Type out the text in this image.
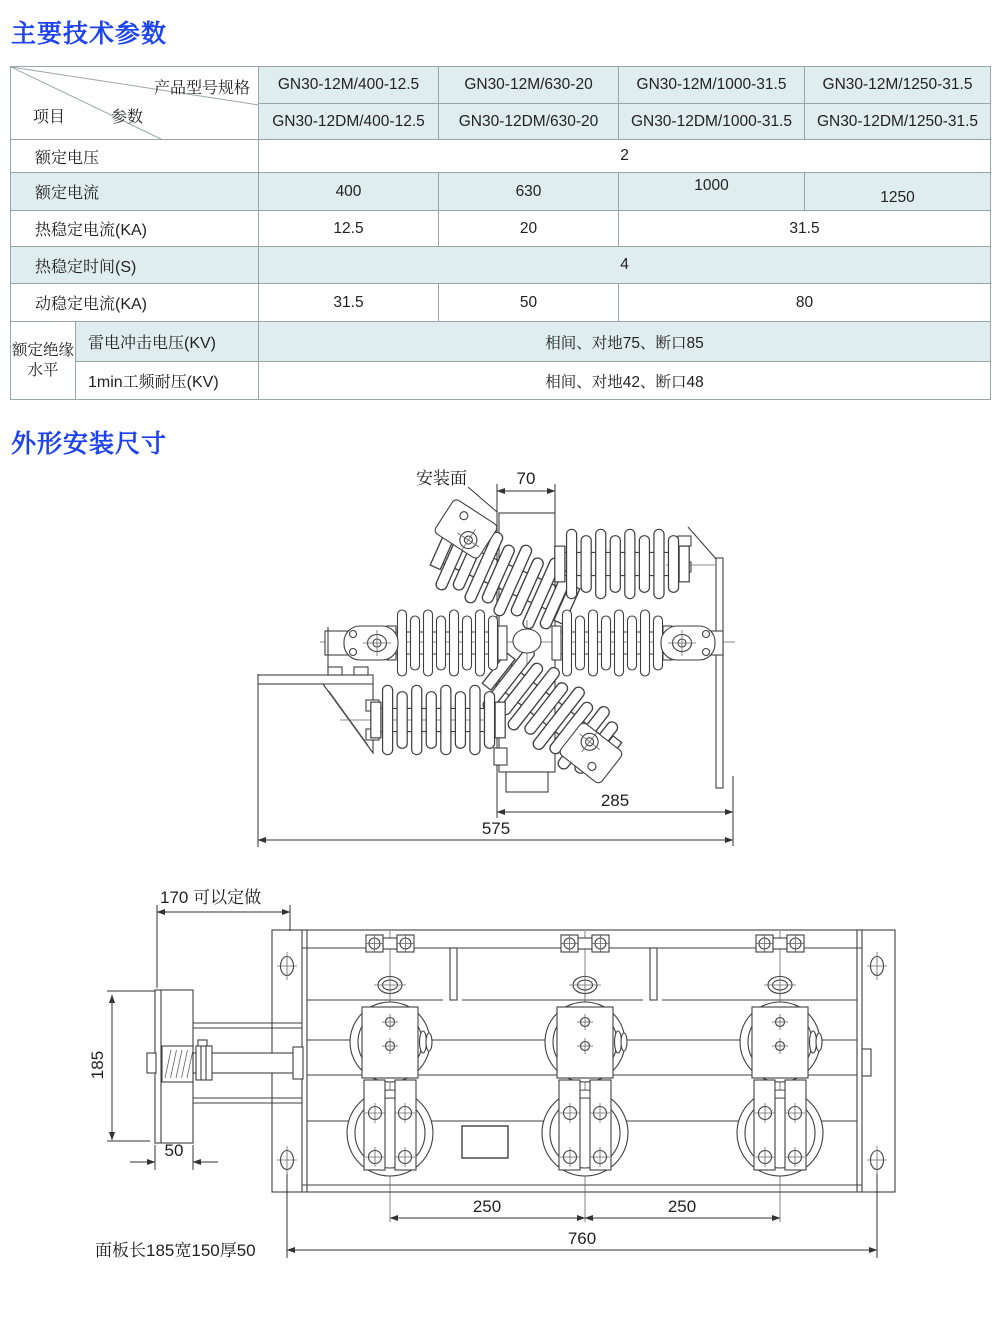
主要技术参数
产品型号规格
项目 参数		GN30-12M/400-12.5	GN30-12M/630-20	GN30-12M/1000-31.5	GN30-12M/1250-31.5
		GN30-12DM/400-12.5	GN30-12DM/630-20	GN30-12DM/1000-31.5	GN30-12DM/1250-31.5
额定电压		2			
额定电流		400	630	1000	1250
热稳定电流(KA)		12.5	20	31.5	
热稳定时间(S)		4			
动稳定电流(KA)		31.5	50	80	
额定绝缘水平	雷电冲击电压(KV)	相间、对地75、断口85			
	1min工频耐压(KV)	相间、对地42、断口48			
外形安装尺寸
70
安装面
285
575
170 可以定做
185
50
250	250
760
面板长185宽150厚50
